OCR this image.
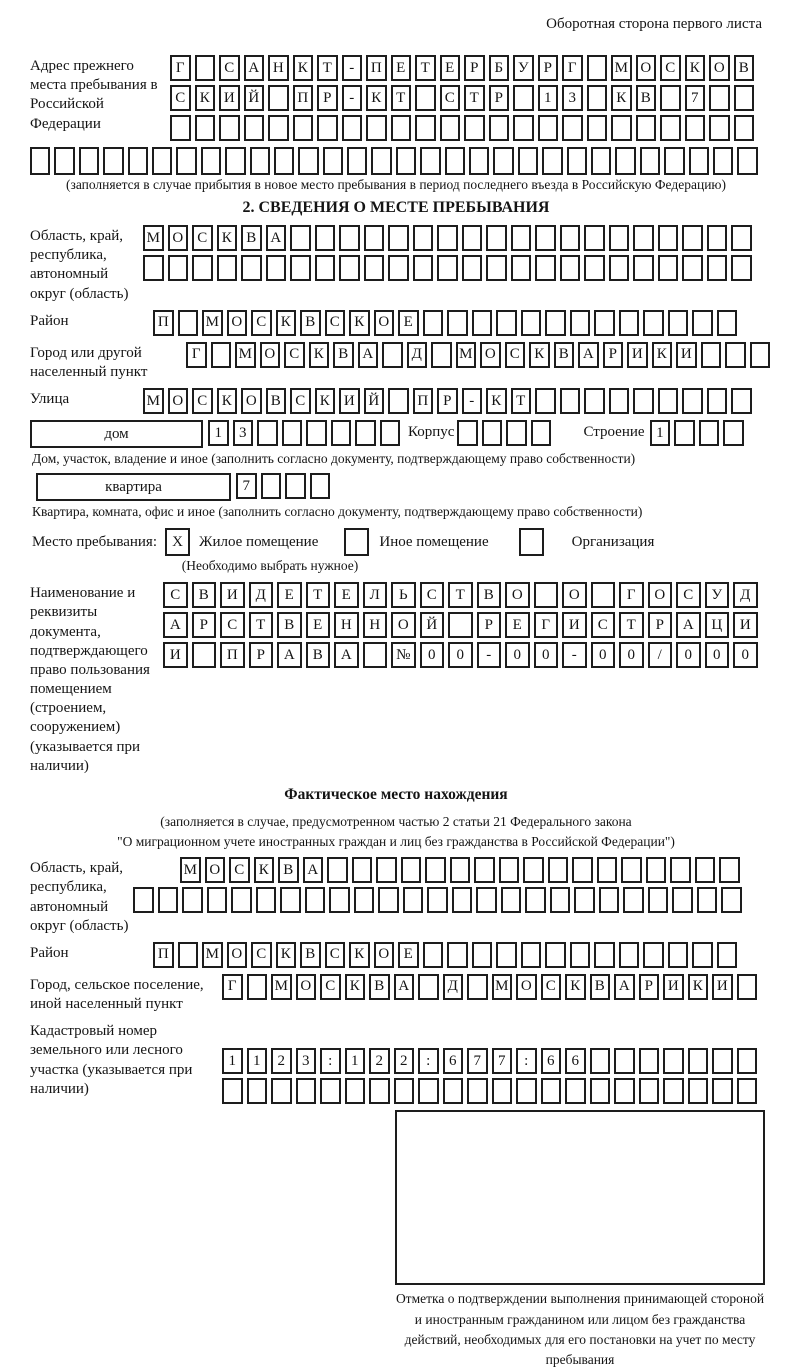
Оборотная сторона первого листа
Адрес прежнего места пребывания в Российской Федерации
Г	С А Н К Т	-	П Е	Т	Е	Р	Б У	Р	Г	М О С К О В
С К И Й	П Р	-	К Т	С Т	Р	1	3	К В	7
(заполняется в случае прибытия в новое место пребывания в период последнего въезда в Российскую Федерацию)
2. СВЕДЕНИЯ О МЕСТЕ ПРЕБЫВАНИЯ
Область, край, республика, автономный округ (область)
М О С К В А
Район	П	М О С К В С К О Е
Город или другой населенный пункт
Г	М О С К В А	Д	М О С К В А Р И К И
Улица	М О С К О В С К И Й	П Р	-	К Т
дом	1	3	Корпус	Строение 1
Дом, участок, владение и иное (заполнить согласно документу, подтверждающему право собственности)
квартира	7
Квартира, комната, офис и иное (заполнить согласно документу, подтверждающему право собственности)
Место пребывания:	X	Жилое помещение	Иное помещение	Организация
(Необходимо выбрать нужное)
Наименование и реквизиты документа, подтверждающего право пользования помещением (строением, сооружением) (указывается при наличии)
С	В	И	Д	Е	Т	Е	Л	Ь	С	Т	В	О	О	Г	О	С	У	Д
А	Р	С	Т	В	Е	Н	Н	О	Й	Р	Е	Г	И	С	Т	Р	А	Ц	И
И	П	Р	А	В	А	№	0	0	-	0	0	-	0	0	/	0	0	0
Фактическое место нахождения
(заполняется в случае, предусмотренном частью 2 статьи 21 Федерального закона
"О миграционном учете иностранных граждан и лиц без гражданства в Российской Федерации")
Область, край, республика, автономный округ (область)
М О С К В А
Район	П	М О С К В С К О Е
Город, сельское поселение, иной населенный пункт
Г	М О С К В А	Д	М О С К В А Р И К И
Кадастровый номер земельного или лесного участка (указывается при наличии)
1	1	2	3	:	1	2	2	:	6	7	7	:	6	6
Отметка о подтверждении выполнения принимающей стороной и иностранным гражданином или лицом без гражданства действий, необходимых для его постановки на учет по месту пребывания
